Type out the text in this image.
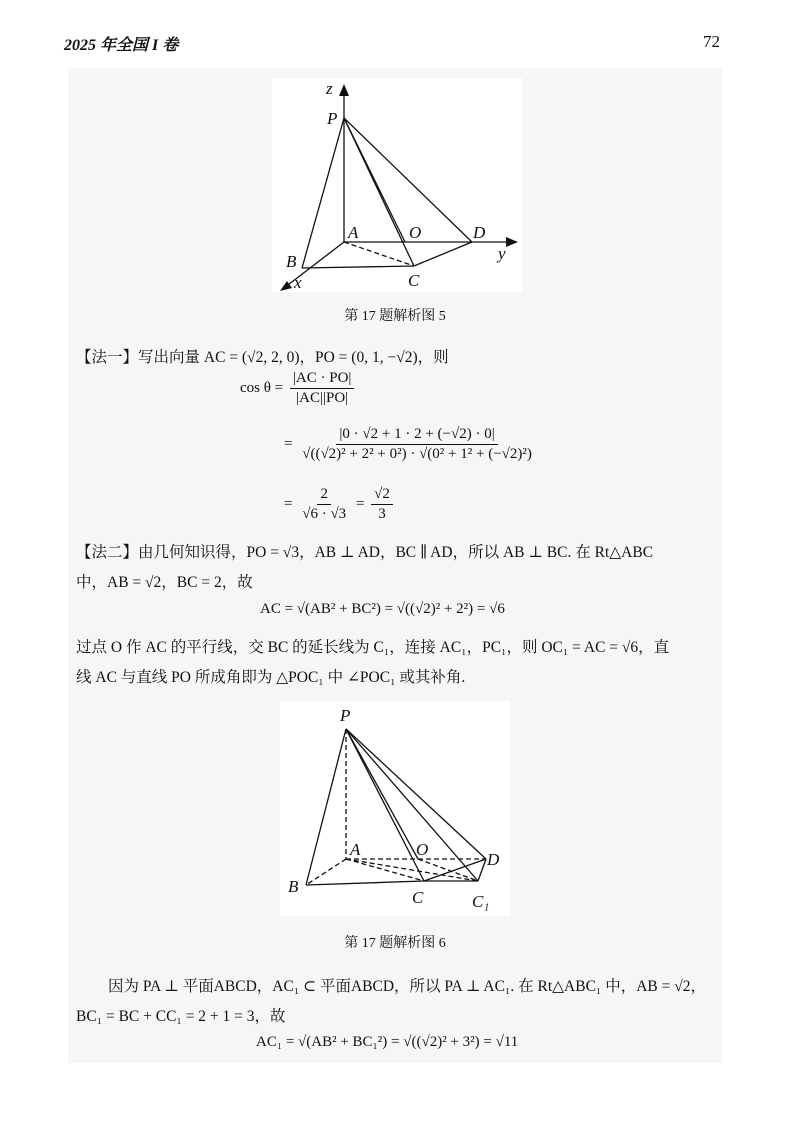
2025 年全国 I 卷	72
z
P
A	O	D
y
B
C
x
第 17 题解析图 5
【法一】写出向量 AC = (√2, 2, 0)，PO = (0, 1, −√2)，则
$\cos \theta = \frac{|AC \cdot PO|}{|AC||PO|}$
= $\frac{|0 \cdot √2 + 1 \cdot 2 + (-√2) \cdot 0|}{\text{√((√2)² + 2² + 0²) · √(0² + 1² + (−√2)²)}}$
= $\frac{2}{√6 \cdot √3} = \frac{√2}{3}$
【法二】由几何知识得，PO = √3，AB ⊥ AD，BC ∥ AD，所以 AB ⊥ BC. 在 Rt△ABC
中，AB = √2，BC = 2，故
AC = √(AB² + BC²) = √((√2)² + 2²) = √6
过点 O 作 AC 的平行线，交 BC 的延长线为 C₁，连接 AC₁，PC₁，则 OC₁ = AC = √6，直
线 AC 与直线 PO 所成角即为 △POC₁ 中 ∠POC₁ 或其补角.
P
A	O
D
B
C	C₁
第 17 题解析图 6
因为 PA ⊥ 平面ABCD，AC₁ ⊂ 平面ABCD，所以 PA ⊥ AC₁. 在 Rt△ABC₁ 中，AB = √2，
BC₁ = BC + CC₁ = 2 + 1 = 3，故
AC₁ = √(AB² + BC₁²) = √((√2)² + 3²) = √11
